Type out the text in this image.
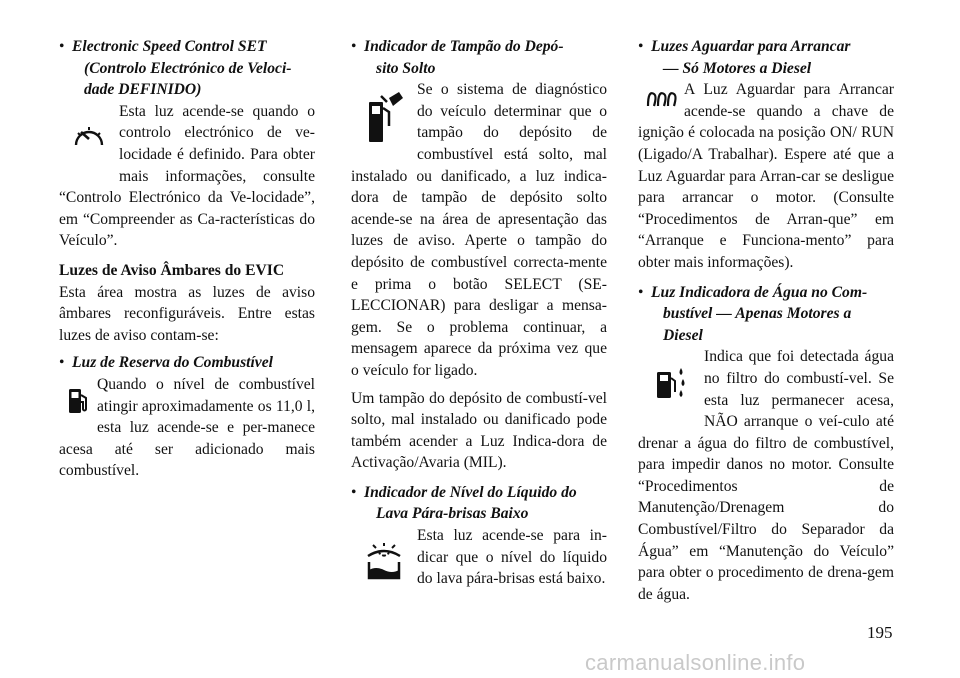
• Electronic Speed Control SET
(Controlo Electrónico de Veloci-
dade DEFINIDO)

Esta luz acende-se quando o controlo electrónico de ve-locidade é definido. Para obter mais informações, consulte “Controlo Electrónico da Ve-locidade”, em “Compreender as Ca-racterísticas do Veículo”.

Luzes de Aviso Âmbares do EVIC

Esta área mostra as luzes de aviso âmbares reconfiguráveis. Entre estas luzes de aviso contam-se:

• Luz de Reserva do Combustível

Quando o nível de combustível atingir aproximadamente os 11,0 l, esta luz acende-se e per-manece acesa até ser adicionado mais combustível.

• Indicador de Tampão do Depó-
sito Solto

Se o sistema de diagnóstico do veículo determinar que o tampão do depósito de combustível está solto, mal instalado ou danificado, a luz indica-dora de tampão de depósito solto acende-se na área de apresentação das luzes de aviso. Aperte o tampão do depósito de combustível correcta-mente e prima o botão SELECT (SE-LECCIONAR) para desligar a mensa-gem. Se o problema continuar, a mensagem aparece da próxima vez que o veículo for ligado.

Um tampão do depósito de combustí-vel solto, mal instalado ou danificado pode também acender a Luz Indica-dora de Activação/Avaria (MIL).

• Indicador de Nível do Líquido do
Lava Pára-brisas Baixo

Esta luz acende-se para in-dicar que o nível do líquido do lava pára-brisas está baixo.

• Luzes Aguardar para Arrancar
— Só Motores a Diesel

A Luz Aguardar para Arrancar acende-se quando a chave de ignição é colocada na posição ON/ RUN (Ligado/A Trabalhar). Espere até que a Luz Aguardar para Arran-car se desligue para arrancar o motor. (Consulte “Procedimentos de Arran-que” em “Arranque e Funciona-mento” para obter mais informações).

• Luz Indicadora de Água no Com-
bustível — Apenas Motores a
Diesel

Indica que foi detectada água no filtro do combustí-vel. Se esta luz permanecer acesa, NÃO arranque o veí-culo até drenar a água do filtro de combustível, para impedir danos no motor. Consulte “Procedimentos de Manutenção/Drenagem do Combustível/Filtro do Separador da Água” em “Manutenção do Veículo” para obter o procedimento de drena-gem de água.

195
carmanualsonline.info
